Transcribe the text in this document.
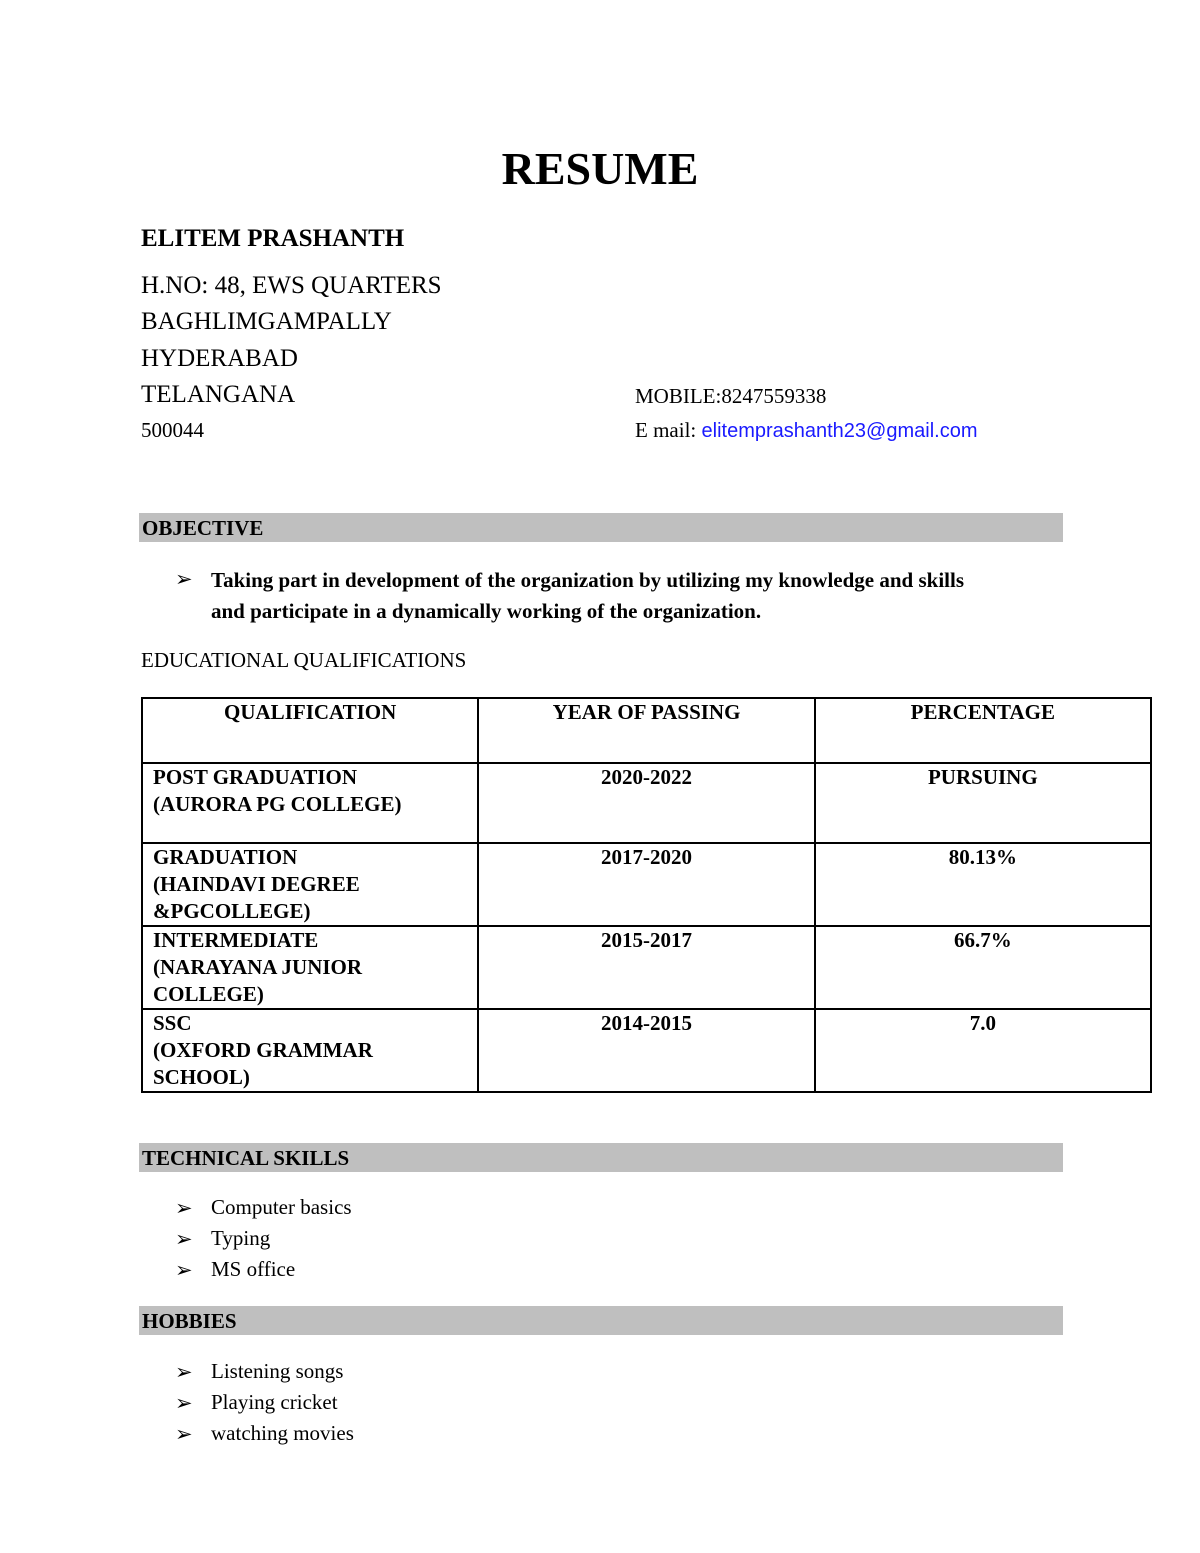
RESUME
ELITEM PRASHANTH
H.NO: 48, EWS QUARTERS
BAGHLIMGAMPALLY
HYDERABAD
TELANGANA
500044
MOBILE:8247559338
E mail: elitemprashanth23@gmail.com
OBJECTIVE
➢ Taking part in development of the organization by utilizing my knowledge and skills
and participate in a dynamically working of the organization.
EDUCATIONAL QUALIFICATIONS
QUALIFICATION	YEAR OF PASSING	PERCENTAGE
POST GRADUATION
(AURORA PG COLLEGE)	2020-2022	PURSUING
GRADUATION
(HAINDAVI DEGREE &PGCOLLEGE)	2017-2020	80.13%
INTERMEDIATE
(NARAYANA JUNIOR COLLEGE)	2015-2017	66.7%
SSC
(OXFORD GRAMMAR SCHOOL)	2014-2015	7.0
TECHNICAL SKILLS
➢ Computer basics
➢ Typing
➢ MS office
HOBBIES
➢ Listening songs
➢ Playing cricket
➢ watching movies
